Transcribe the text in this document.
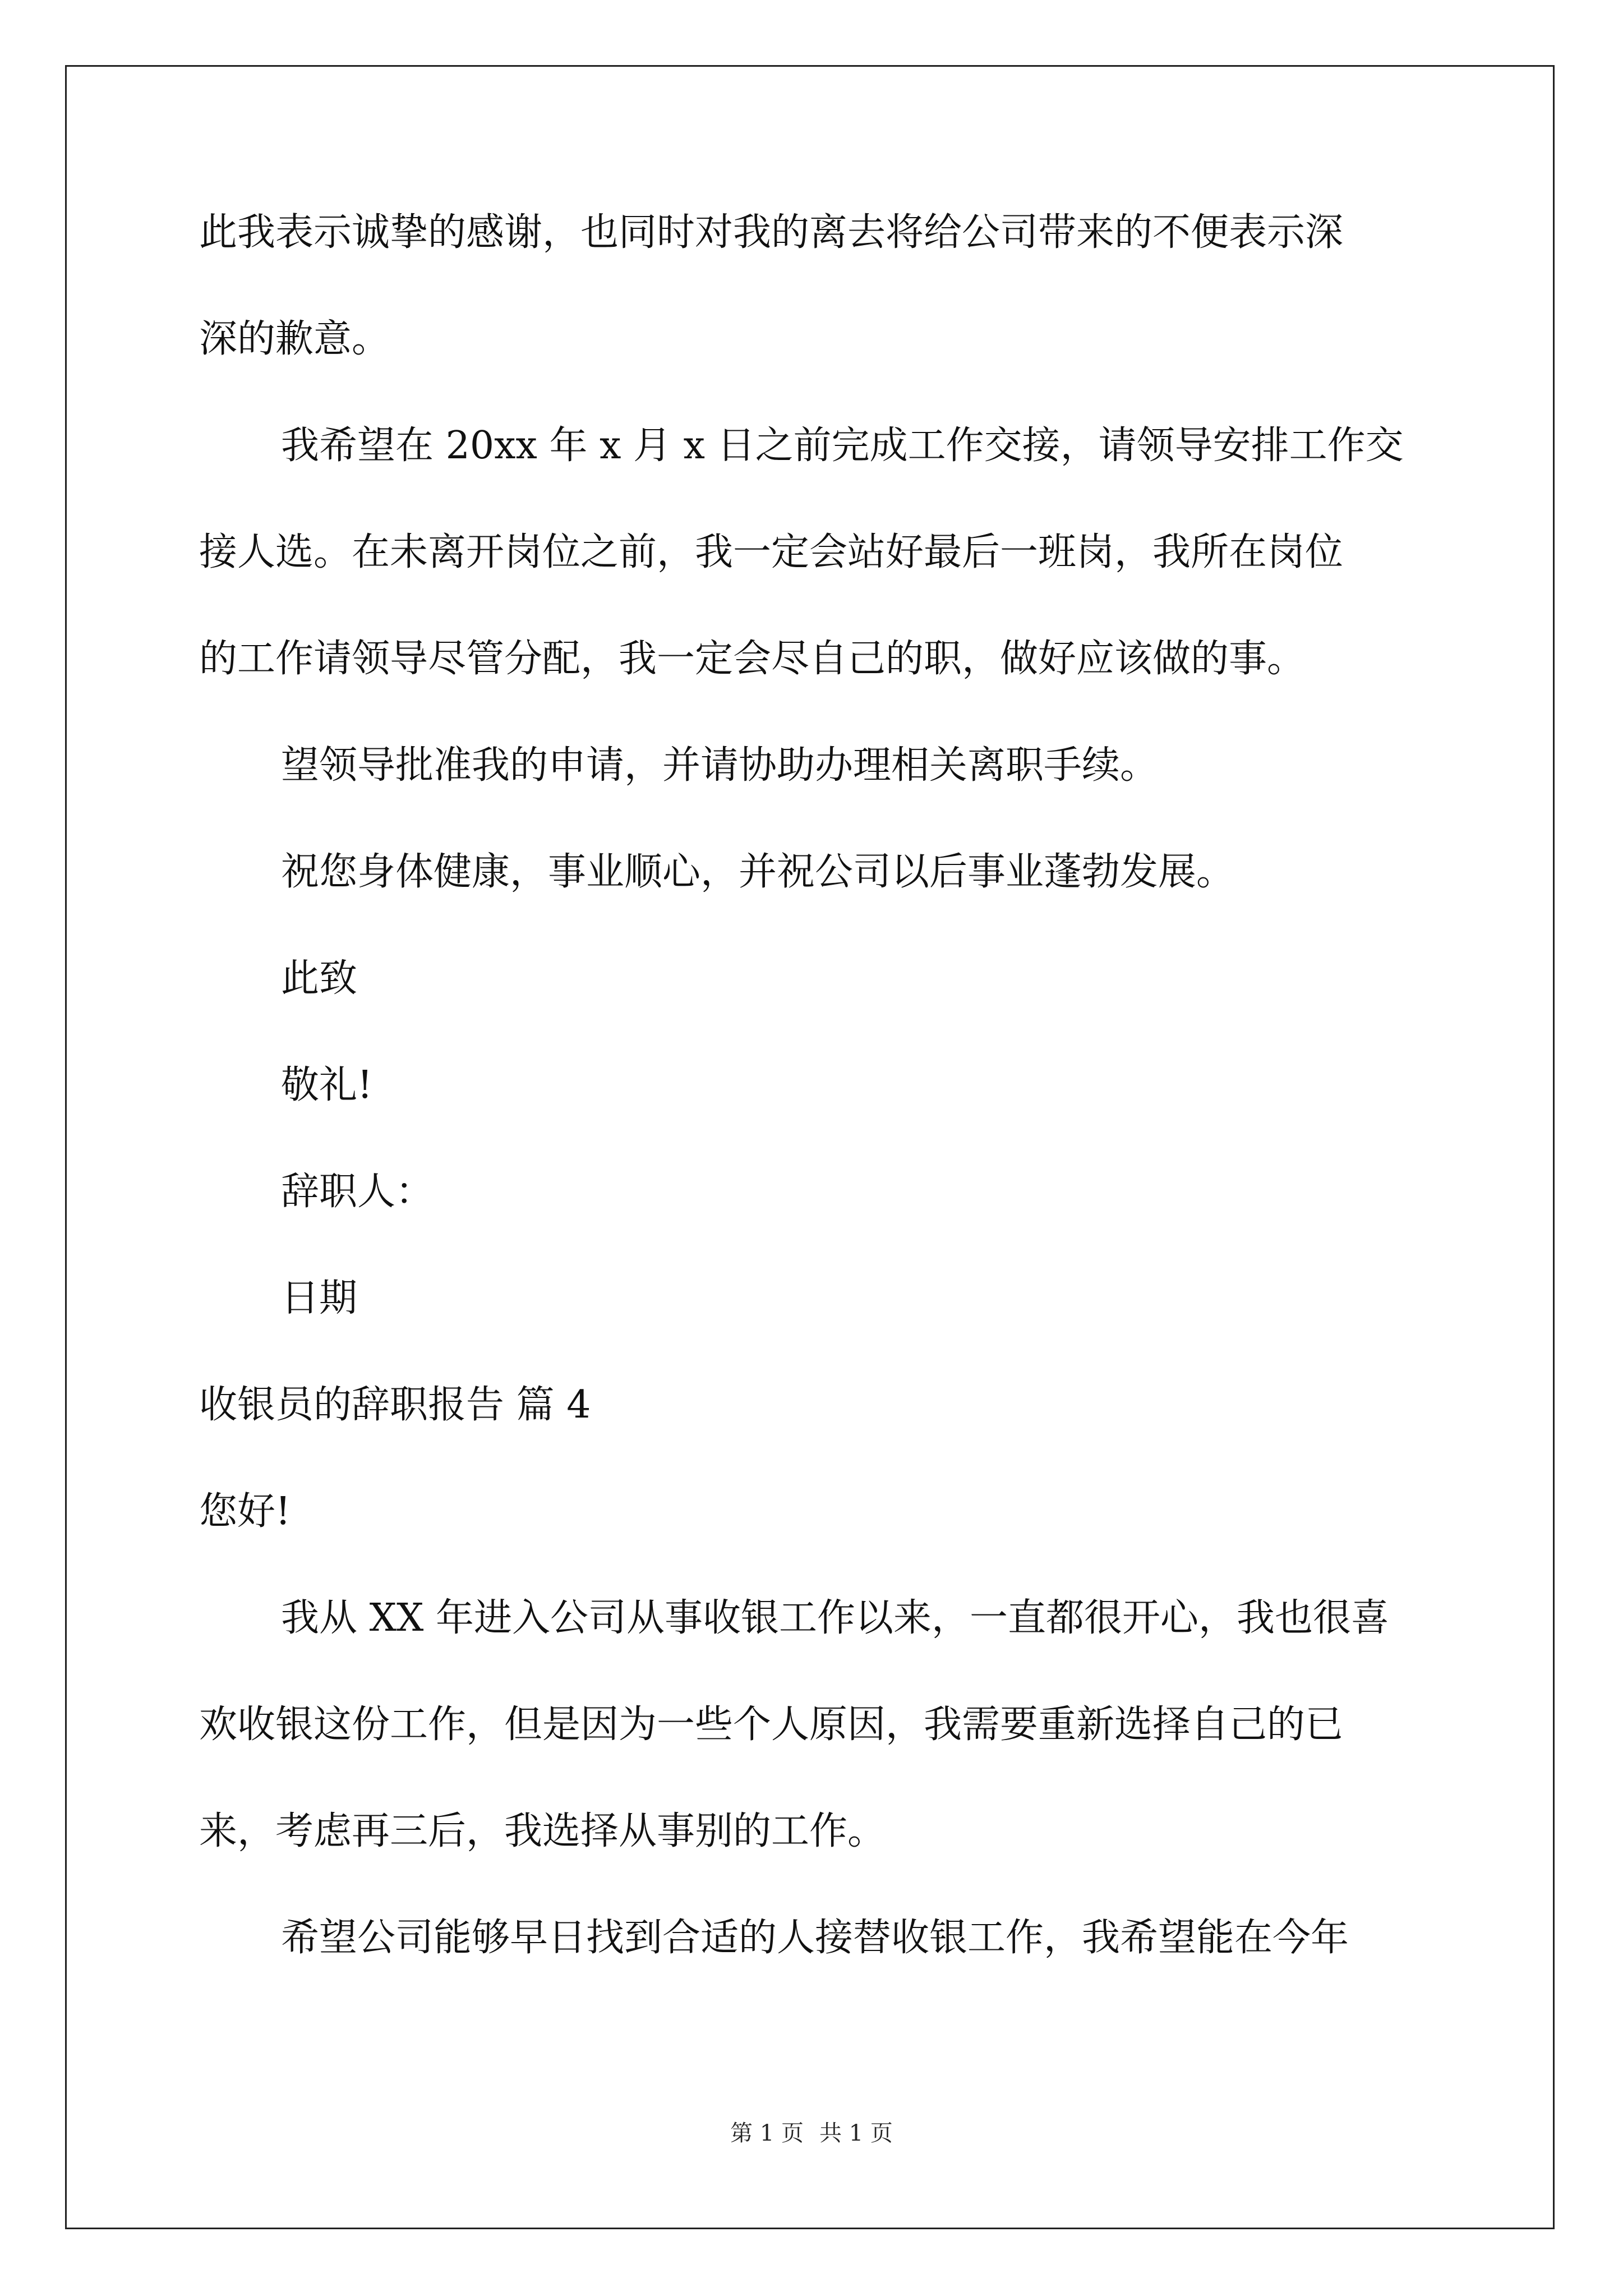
此我表示诚挚的感谢，也同时对我的离去将给公司带来的不便表示深
深的歉意。
我希望在 20xx 年 x 月 x 日之前完成工作交接，请领导安排工作交
接人选。在未离开岗位之前，我一定会站好最后一班岗，我所在岗位
的工作请领导尽管分配，我一定会尽自己的职，做好应该做的事。
望领导批准我的申请，并请协助办理相关离职手续。
祝您身体健康，事业顺心，并祝公司以后事业蓬勃发展。
此致
敬礼!
辞职人：
日期
收银员的辞职报告 篇 4
您好!
我从 XX 年进入公司从事收银工作以来，一直都很开心，我也很喜
欢收银这份工作，但是因为一些个人原因，我需要重新选择自己的已
来，考虑再三后，我选择从事别的工作。
希望公司能够早日找到合适的人接替收银工作，我希望能在今年
第 1 页 共 1 页
